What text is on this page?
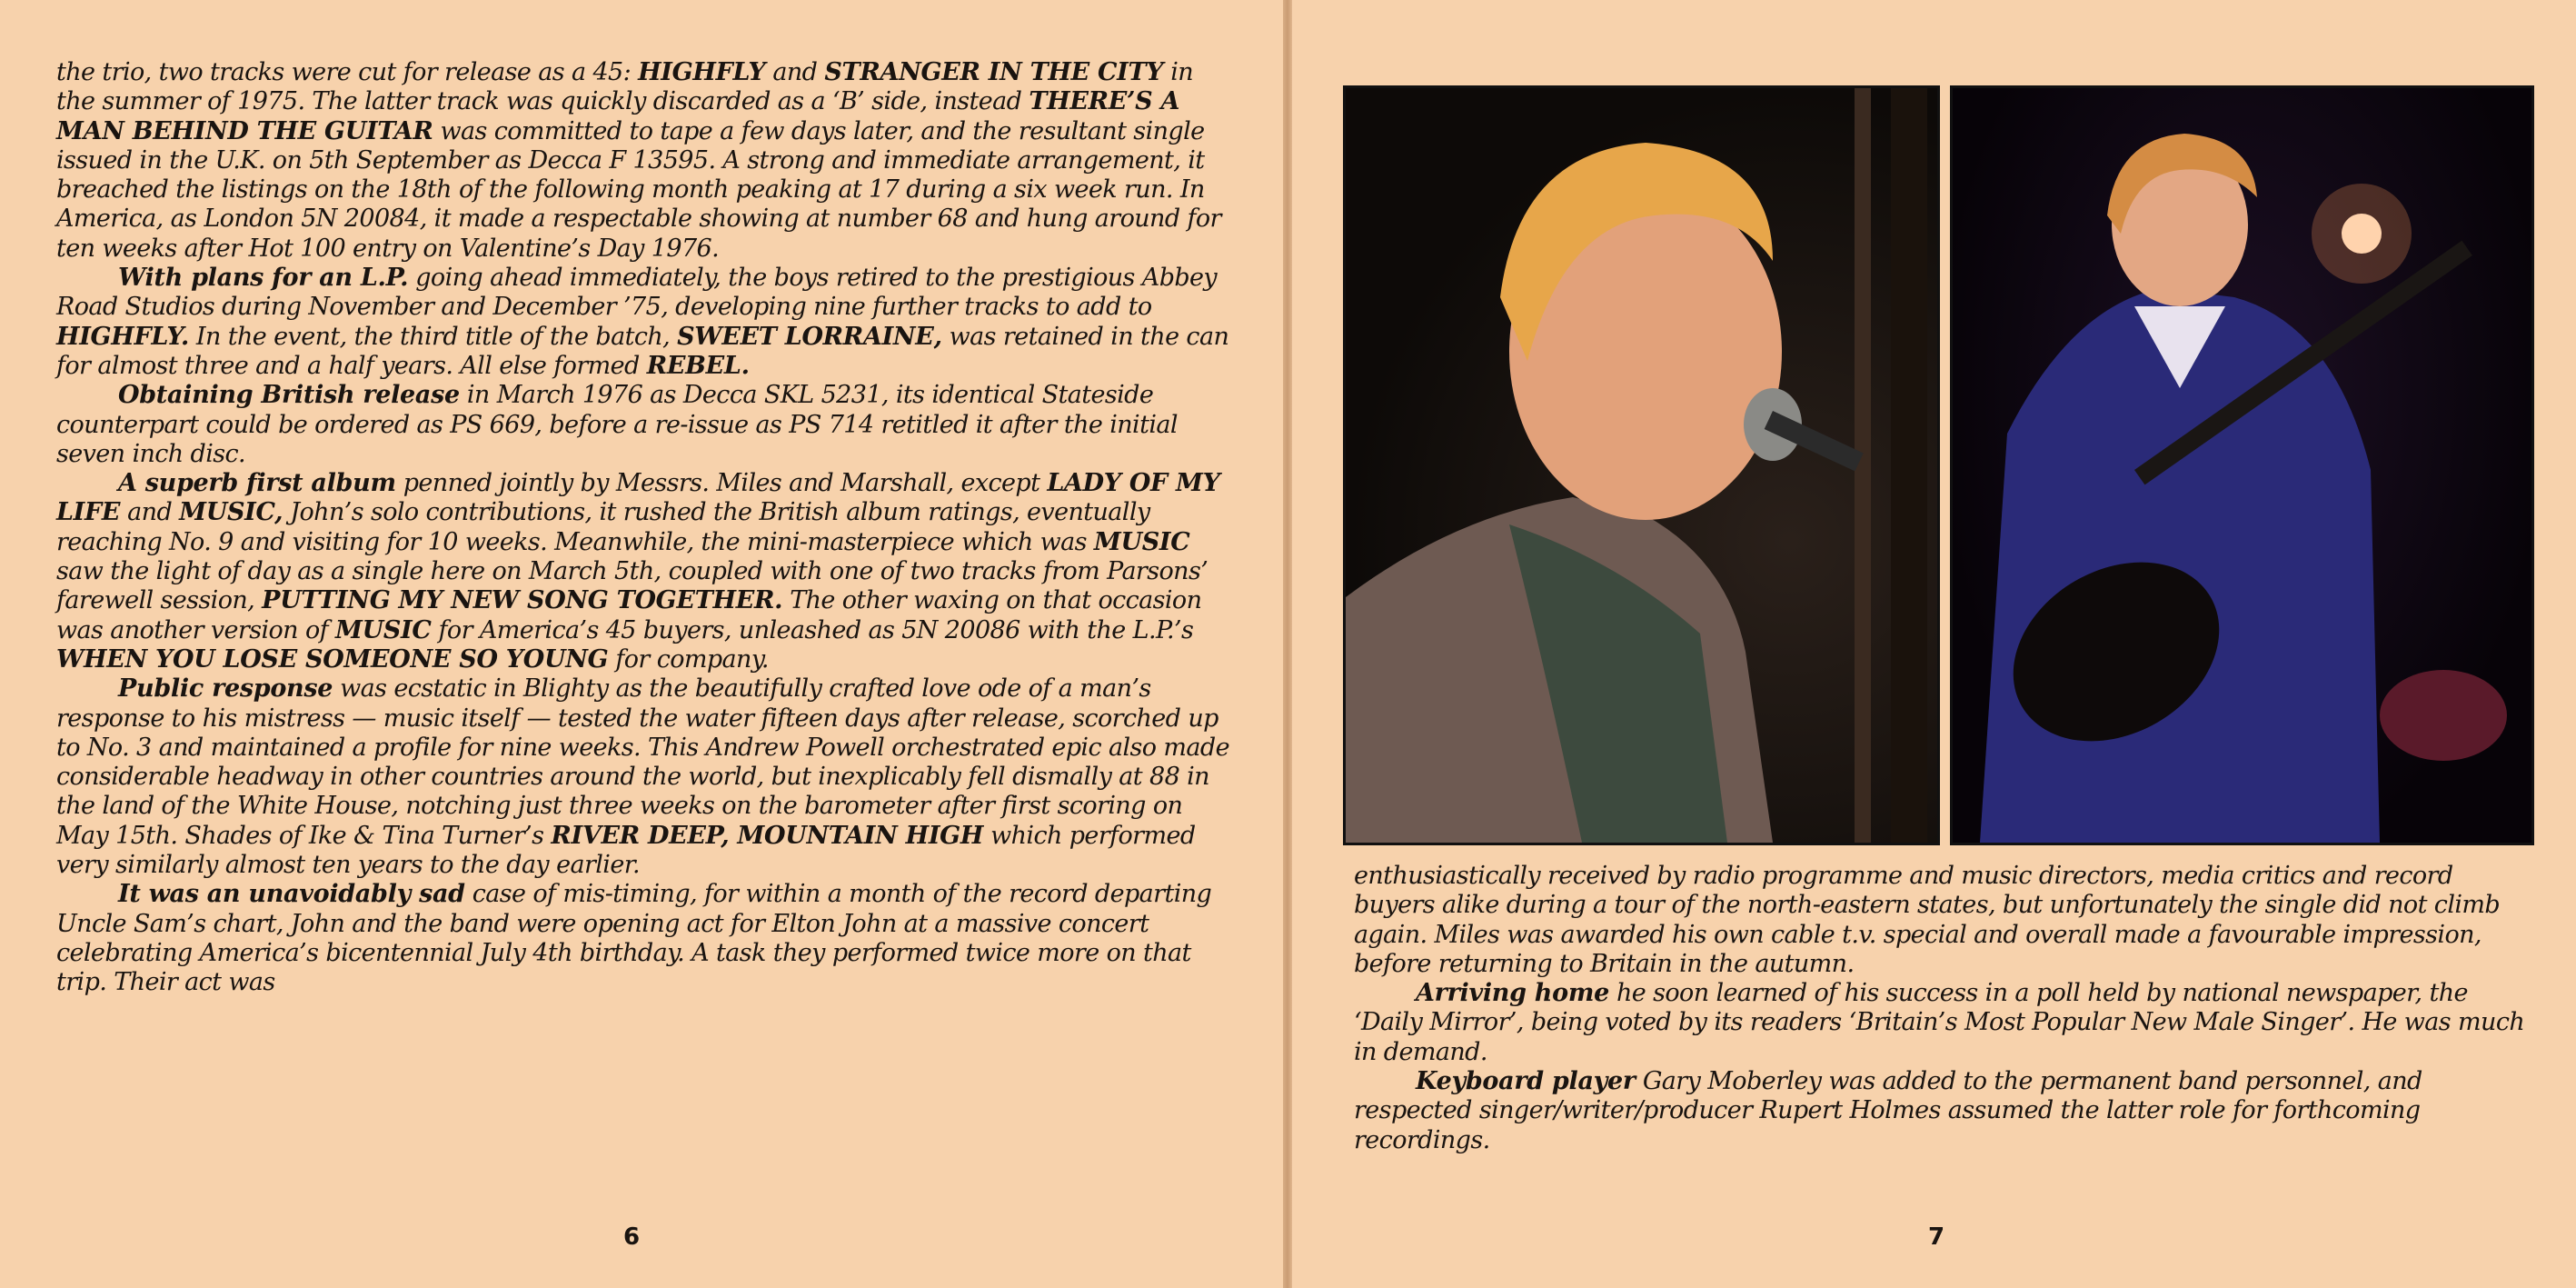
the trio, two tracks were cut for release as a 45: HIGHFLY and STRANGER IN THE CITY in the summer of 1975. The latter track was quickly discarded as a ‘B’ side, instead THERE’S A MAN BEHIND THE GUITAR was committed to tape a few days later, and the resultant single issued in the U.K. on 5th September as Decca F 13595. A strong and immediate arrangement, it breached the listings on the 18th of the following month peaking at 17 during a six week run. In America, as London 5N 20084, it made a respectable showing at number 68 and hung around for ten weeks after Hot 100 entry on Valentine’s Day 1976.

With plans for an L.P. going ahead immediately, the boys retired to the prestigious Abbey Road Studios during November and December ’75, developing nine further tracks to add to HIGHFLY. In the event, the third title of the batch, SWEET LORRAINE, was retained in the can for almost three and a half years. All else formed REBEL.

Obtaining British release in March 1976 as Decca SKL 5231, its identical Stateside counterpart could be ordered as PS 669, before a re-issue as PS 714 retitled it after the initial seven inch disc.

A superb first album penned jointly by Messrs. Miles and Marshall, except LADY OF MY LIFE and MUSIC, John’s solo contributions, it rushed the British album ratings, eventually reaching No. 9 and visiting for 10 weeks. Meanwhile, the mini-masterpiece which was MUSIC saw the light of day as a single here on March 5th, coupled with one of two tracks from Parsons’ farewell session, PUTTING MY NEW SONG TOGETHER. The other waxing on that occasion was another version of MUSIC for America’s 45 buyers, unleashed as 5N 20086 with the L.P.’s WHEN YOU LOSE SOMEONE SO YOUNG for company.

Public response was ecstatic in Blighty as the beautifully crafted love ode of a man’s response to his mistress — music itself — tested the water fifteen days after release, scorched up to No. 3 and maintained a profile for nine weeks. This Andrew Powell orchestrated epic also made considerable headway in other countries around the world, but inexplicably fell dismally at 88 in the land of the White House, notching just three weeks on the barometer after first scoring on May 15th. Shades of Ike & Tina Turner’s RIVER DEEP, MOUNTAIN HIGH which performed very similarly almost ten years to the day earlier.

It was an unavoidably sad case of mis-timing, for within a month of the record departing Uncle Sam’s chart, John and the band were opening act for Elton John at a massive concert celebrating America’s bicentennial July 4th birthday. A task they performed twice more on that trip. Their act was

6	7

enthusiastically received by radio programme and music directors, media critics and record buyers alike during a tour of the north-eastern states, but unfortunately the single did not climb again. Miles was awarded his own cable t.v. special and overall made a favourable impression, before returning to Britain in the autumn.

Arriving home he soon learned of his success in a poll held by national newspaper, the ‘Daily Mirror’, being voted by its readers ‘Britain’s Most Popular New Male Singer’. He was much in demand.

Keyboard player Gary Moberley was added to the permanent band personnel, and respected singer/writer/producer Rupert Holmes assumed the latter role for forthcoming recordings.
